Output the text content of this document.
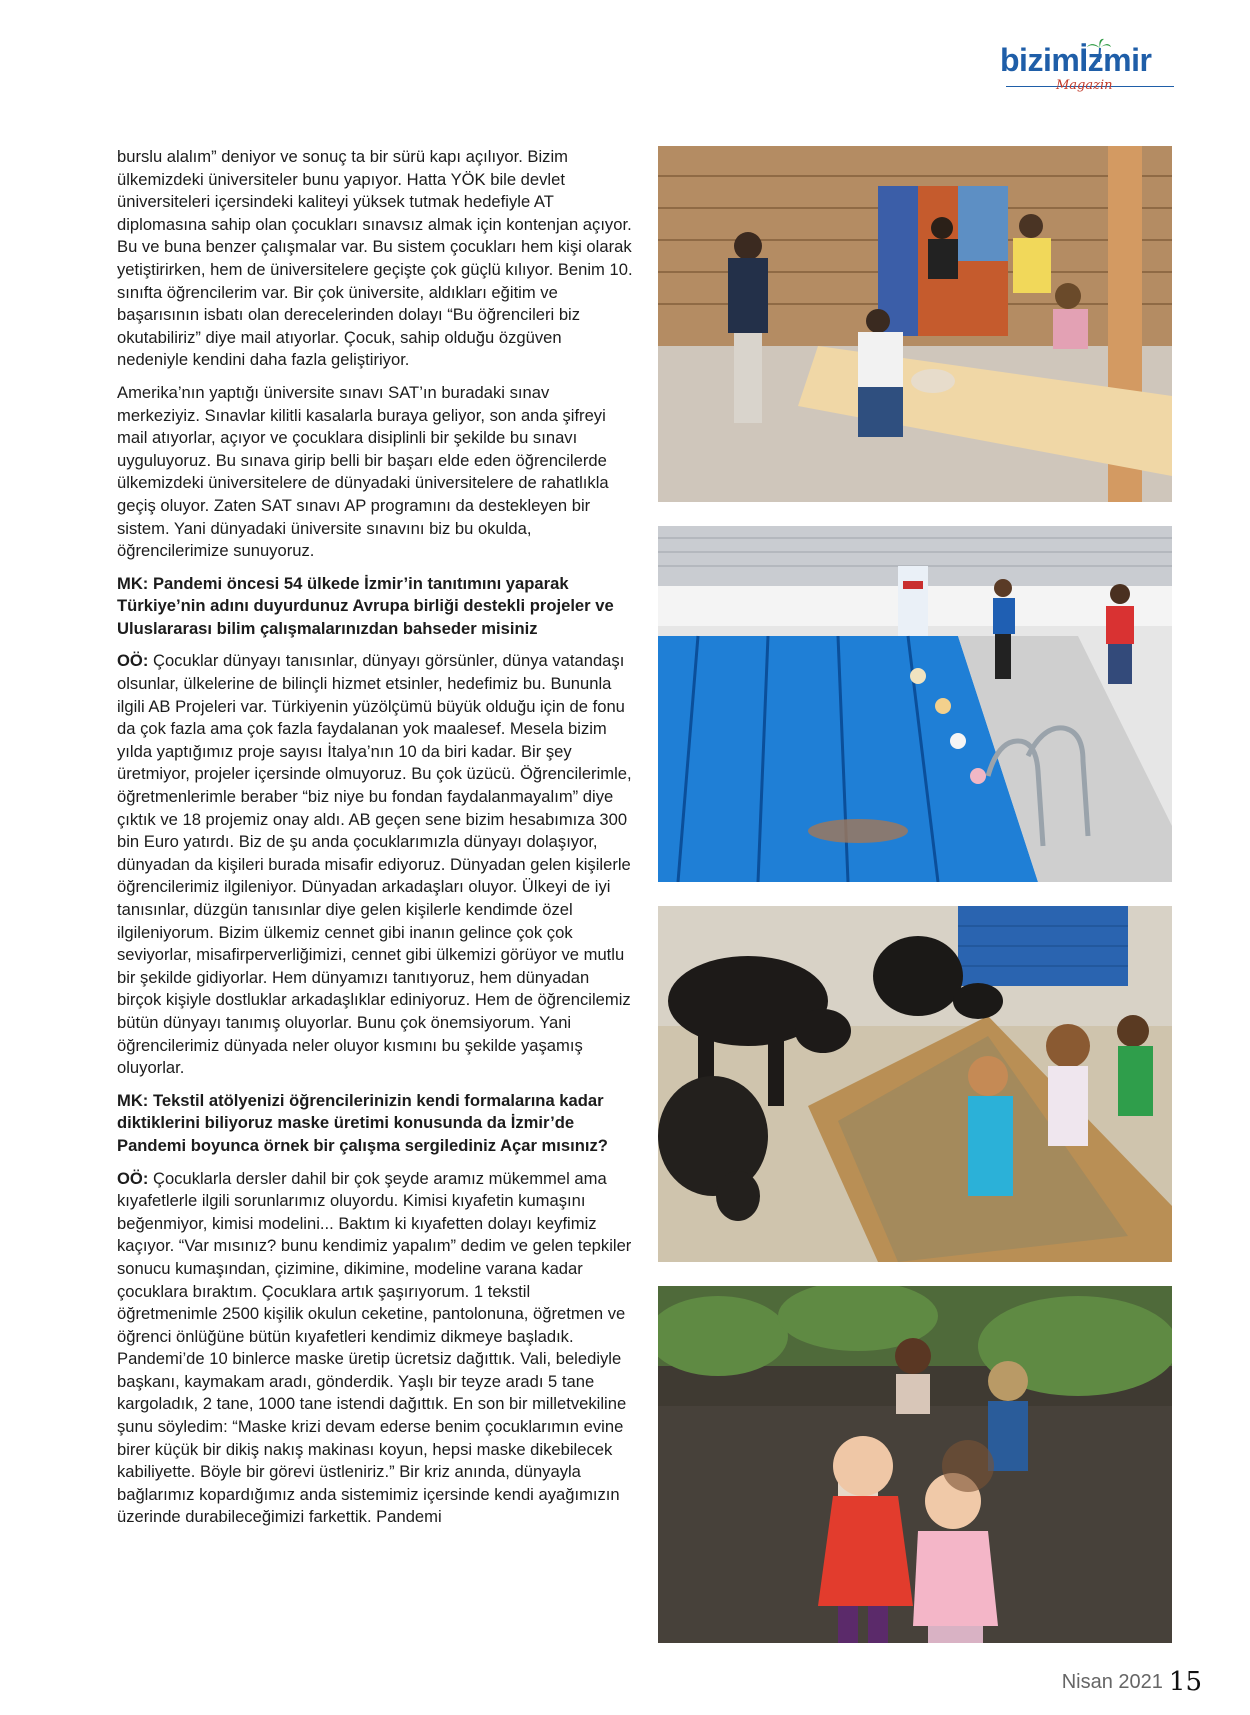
bizimİzmir
Magazin

burslu alalım” deniyor ve sonuç ta bir sürü kapı açılıyor. Bizim ülkemizdeki üniversiteler bunu yapıyor. Hatta YÖK bile devlet üniversiteleri içersindeki kaliteyi yüksek tutmak hedefiyle AT diplomasına sahip olan çocukları sınavsız almak için kontenjan açıyor. Bu ve buna benzer çalışmalar var. Bu sistem çocukları hem kişi olarak yetiştirirken, hem de üniversitelere geçişte çok güçlü kılıyor. Benim 10. sınıfta öğrencilerim var. Bir çok üniversite, aldıkları eğitim ve başarısının isbatı olan derecelerinden dolayı “Bu öğrencileri biz okutabiliriz” diye mail atıyorlar. Çocuk, sahip olduğu özgüven nedeniyle kendini daha fazla geliştiriyor.

Amerika’nın yaptığı üniversite sınavı SAT’ın buradaki sınav merkeziyiz. Sınavlar kilitli kasalarla buraya geliyor, son anda şifreyi mail atıyorlar, açıyor ve çocuklara disiplinli bir şekilde bu sınavı uyguluyoruz. Bu sınava girip belli bir başarı elde eden öğrencilerde ülkemizdeki üniversitelere de dünyadaki üniversitelere de rahatlıkla geçiş oluyor. Zaten SAT sınavı AP programını da destekleyen bir sistem. Yani dünyadaki üniversite sınavını biz bu okulda, öğrencilerimize sunuyoruz.

MK: Pandemi öncesi 54 ülkede İzmir’in tanıtımını yaparak Türkiye’nin adını duyurdunuz Avrupa birliği destekli projeler ve Uluslararası bilim çalışmalarınızdan bahseder misiniz

OÖ: Çocuklar dünyayı tanısınlar, dünyayı görsünler, dünya vatandaşı olsunlar, ülkelerine de bilinçli hizmet etsinler, hedefimiz bu. Bununla ilgili AB Projeleri var. Türkiyenin yüzölçümü büyük olduğu için de fonu da çok fazla ama çok fazla faydalanan yok maalesef. Mesela bizim yılda yaptığımız proje sayısı İtalya’nın 10 da biri kadar. Bir şey üretmiyor, projeler içersinde olmuyoruz. Bu çok üzücü. Öğrencilerimle, öğretmenlerimle beraber “biz niye bu fondan faydalanmayalım” diye çıktık ve 18 projemiz onay aldı. AB geçen sene bizim hesabımıza 300 bin Euro yatırdı. Biz de şu anda çocuklarımızla dünyayı dolaşıyor, dünyadan da kişileri burada misafir ediyoruz. Dünyadan gelen kişilerle öğrencilerimiz ilgileniyor. Dünyadan arkadaşları oluyor. Ülkeyi de iyi tanısınlar, düzgün tanısınlar diye gelen kişilerle kendimde özel ilgileniyorum. Bizim ülkemiz cennet gibi inanın gelince çok çok seviyorlar, misafirperverliğimizi, cennet gibi ülkemizi görüyor ve mutlu bir şekilde gidiyorlar. Hem dünyamızı tanıtıyoruz, hem dünyadan birçok kişiyle dostluklar arkadaşlıklar ediniyoruz. Hem de öğrencilemiz bütün dünyayı tanımış oluyorlar. Bunu çok önemsiyorum. Yani öğrencilerimiz dünyada neler oluyor kısmını bu şekilde yaşamış oluyorlar.

MK: Tekstil atölyenizi öğrencilerinizin kendi formalarına kadar diktiklerini biliyoruz maske üretimi konusunda da İzmir’de Pandemi boyunca örnek bir çalışma sergilediniz Açar mısınız?

OÖ: Çocuklarla dersler dahil bir çok şeyde aramız mükemmel ama kıyafetlerle ilgili sorunlarımız oluyordu. Kimisi kıyafetin kumaşını beğenmiyor, kimisi modelini... Baktım ki kıyafetten dolayı keyfimiz kaçıyor. “Var mısınız? bunu kendimiz yapalım” dedim ve gelen tepkiler sonucu kumaşından, çizimine, dikimine, modeline varana kadar çocuklara bıraktım. Çocuklara artık şaşırıyorum. 1 tekstil öğretmenimle 2500 kişilik okulun ceketine, pantolonuna, öğretmen ve öğrenci önlüğüne bütün kıyafetleri kendimiz dikmeye başladık. Pandemi’de 10 binlerce maske üretip ücretsiz dağıttık. Vali, belediyle başkanı, kaymakam aradı, gönderdik. Yaşlı bir teyze aradı 5 tane kargoladık, 2 tane, 1000 tane istendi dağıttık. En son bir milletvekiline şunu söyledim: “Maske krizi devam ederse benim çocuklarımın evine birer küçük bir dikiş nakış makinası koyun, hepsi maske dikebilecek kabiliyette. Böyle bir görevi üstleniriz.” Bir kriz anında, dünyayla bağlarımız kopardığımız anda sistemimiz içersinde kendi ayağımızın üzerinde durabileceğimizi farkettik. Pandemi

Nisan 2021 15
